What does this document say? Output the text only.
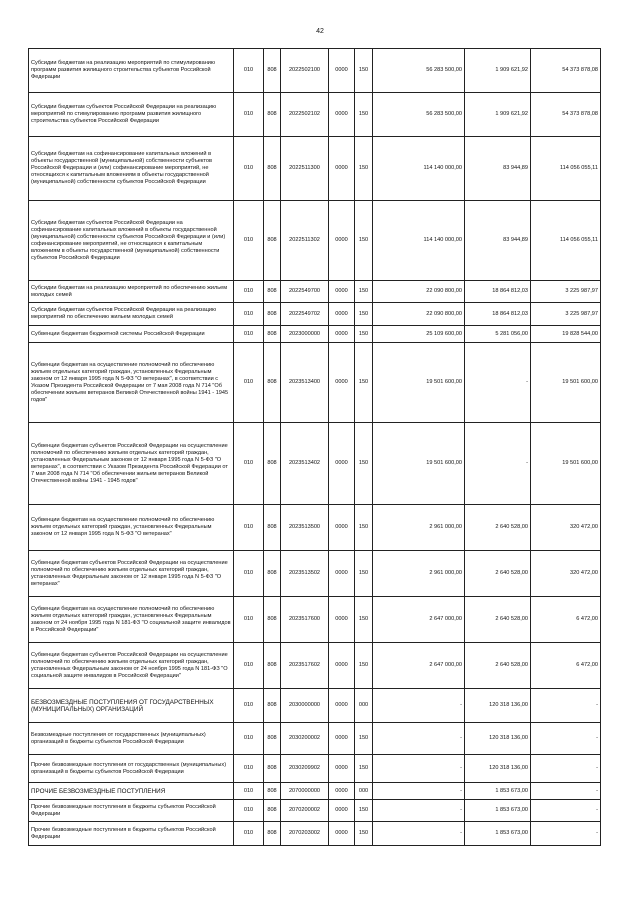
42
Субсидии бюджетам на реализацию мероприятий по стимулированию программ развития жилищного строительства субъектов Российской Федерации	010	808	2022502100	0000	150	56 283 500,00	1 909 621,92	54 373 878,08
Субсидии бюджетам субъектов Российской Федерации на реализацию мероприятий по стимулированию программ развития жилищного строительства субъектов Российской Федерации	010	808	2022502102	0000	150	56 283 500,00	1 909 621,92	54 373 878,08
Субсидии бюджетам на софинансирование капитальных вложений в объекты государственной (муниципальной) собственности субъектов Российской Федерации и (или) софинансирование мероприятий, не относящихся к капитальным вложениям в объекты государственной (муниципальной) собственности субъектов Российской Федерации	010	808	2022511300	0000	150	114 140 000,00	83 944,89	114 056 055,11
Субсидии бюджетам субъектов Российской Федерации на софинансирование капитальных вложений в объекты государственной (муниципальной) собственности субъектов Российской Федерации и (или) софинансирование мероприятий, не относящихся к капитальным вложениям в объекты государственной (муниципальной) собственности субъектов Российской Федерации	010	808	2022511302	0000	150	114 140 000,00	83 944,89	114 056 055,11
Субсидии бюджетам на реализацию мероприятий по обеспечению жильем молодых семей	010	808	2022549700	0000	150	22 090 800,00	18 864 812,03	3 225 987,97
Субсидии бюджетам субъектов Российской Федерации на реализацию мероприятий по обеспечению жильем молодых семей	010	808	2022549702	0000	150	22 090 800,00	18 864 812,03	3 225 987,97
Субвенции бюджетам бюджетной системы Российской Федерации	010	808	2023000000	0000	150	25 109 600,00	5 281 056,00	19 828 544,00
Субвенции бюджетам на осуществление полномочий по обеспечению жильем отдельных категорий граждан, установленных Федеральным законом от 12 января 1995 года N 5-ФЗ "О ветеранах", в соответствии с Указом Президента Российской Федерации от 7 мая 2008 года N 714 "Об обеспечении жильем ветеранов Великой Отечественной войны 1941 - 1945 годов"	010	808	2023513400	0000	150	19 501 600,00	-	19 501 600,00
Субвенции бюджетам субъектов Российской Федерации на осуществление полномочий по обеспечению жильем отдельных категорий граждан, установленных Федеральным законом от 12 января 1995 года N 5-ФЗ "О ветеранах", в соответствии с Указом Президента Российской Федерации от 7 мая 2008 года N 714 "Об обеспечении жильем ветеранов Великой Отечественной войны 1941 - 1945 годов"	010	808	2023513402	0000	150	19 501 600,00	-	19 501 600,00
Субвенции бюджетам на осуществление полномочий по обеспечению жильем отдельных категорий граждан, установленных Федеральным законом от 12 января 1995 года N 5-ФЗ "О ветеранах"	010	808	2023513500	0000	150	2 961 000,00	2 640 528,00	320 472,00
Субвенции бюджетам субъектов Российской Федерации на осуществление полномочий по обеспечению жильем отдельных категорий граждан, установленных Федеральным законом от 12 января 1995 года N 5-ФЗ "О ветеранах"	010	808	2023513502	0000	150	2 961 000,00	2 640 528,00	320 472,00
Субвенции бюджетам на осуществление полномочий по обеспечению жильем отдельных категорий граждан, установленных Федеральным законом от 24 ноября 1995 года N 181-ФЗ "О социальной защите инвалидов в Российской Федерации"	010	808	2023517600	0000	150	2 647 000,00	2 640 528,00	6 472,00
Субвенции бюджетам субъектов Российской Федерации на осуществление полномочий по обеспечению жильем отдельных категорий граждан, установленных Федеральным законом от 24 ноября 1995 года N 181-ФЗ "О социальной защите инвалидов в Российской Федерации"	010	808	2023517602	0000	150	2 647 000,00	2 640 528,00	6 472,00
БЕЗВОЗМЕЗДНЫЕ ПОСТУПЛЕНИЯ ОТ ГОСУДАРСТВЕННЫХ (МУНИЦИПАЛЬНЫХ) ОРГАНИЗАЦИЙ	010	808	2030000000	0000	000	-	120 318 136,00	-
Безвозмездные поступления от государственных (муниципальных) организаций в бюджеты субъектов Российской Федерации	010	808	2030200002	0000	150	-	120 318 136,00	-
Прочие безвозмездные поступления от государственных (муниципальных) организаций в бюджеты субъектов Российской Федерации	010	808	2030209902	0000	150	-	120 318 136,00	-
ПРОЧИЕ БЕЗВОЗМЕЗДНЫЕ ПОСТУПЛЕНИЯ	010	808	2070000000	0000	000	-	1 853 673,00	-
Прочие безвозмездные поступления в бюджеты субъектов Российской Федерации	010	808	2070200002	0000	150	-	1 853 673,00	-
Прочие безвозмездные поступления в бюджеты субъектов Российской Федерации	010	808	2070203002	0000	150	-	1 853 673,00	-
